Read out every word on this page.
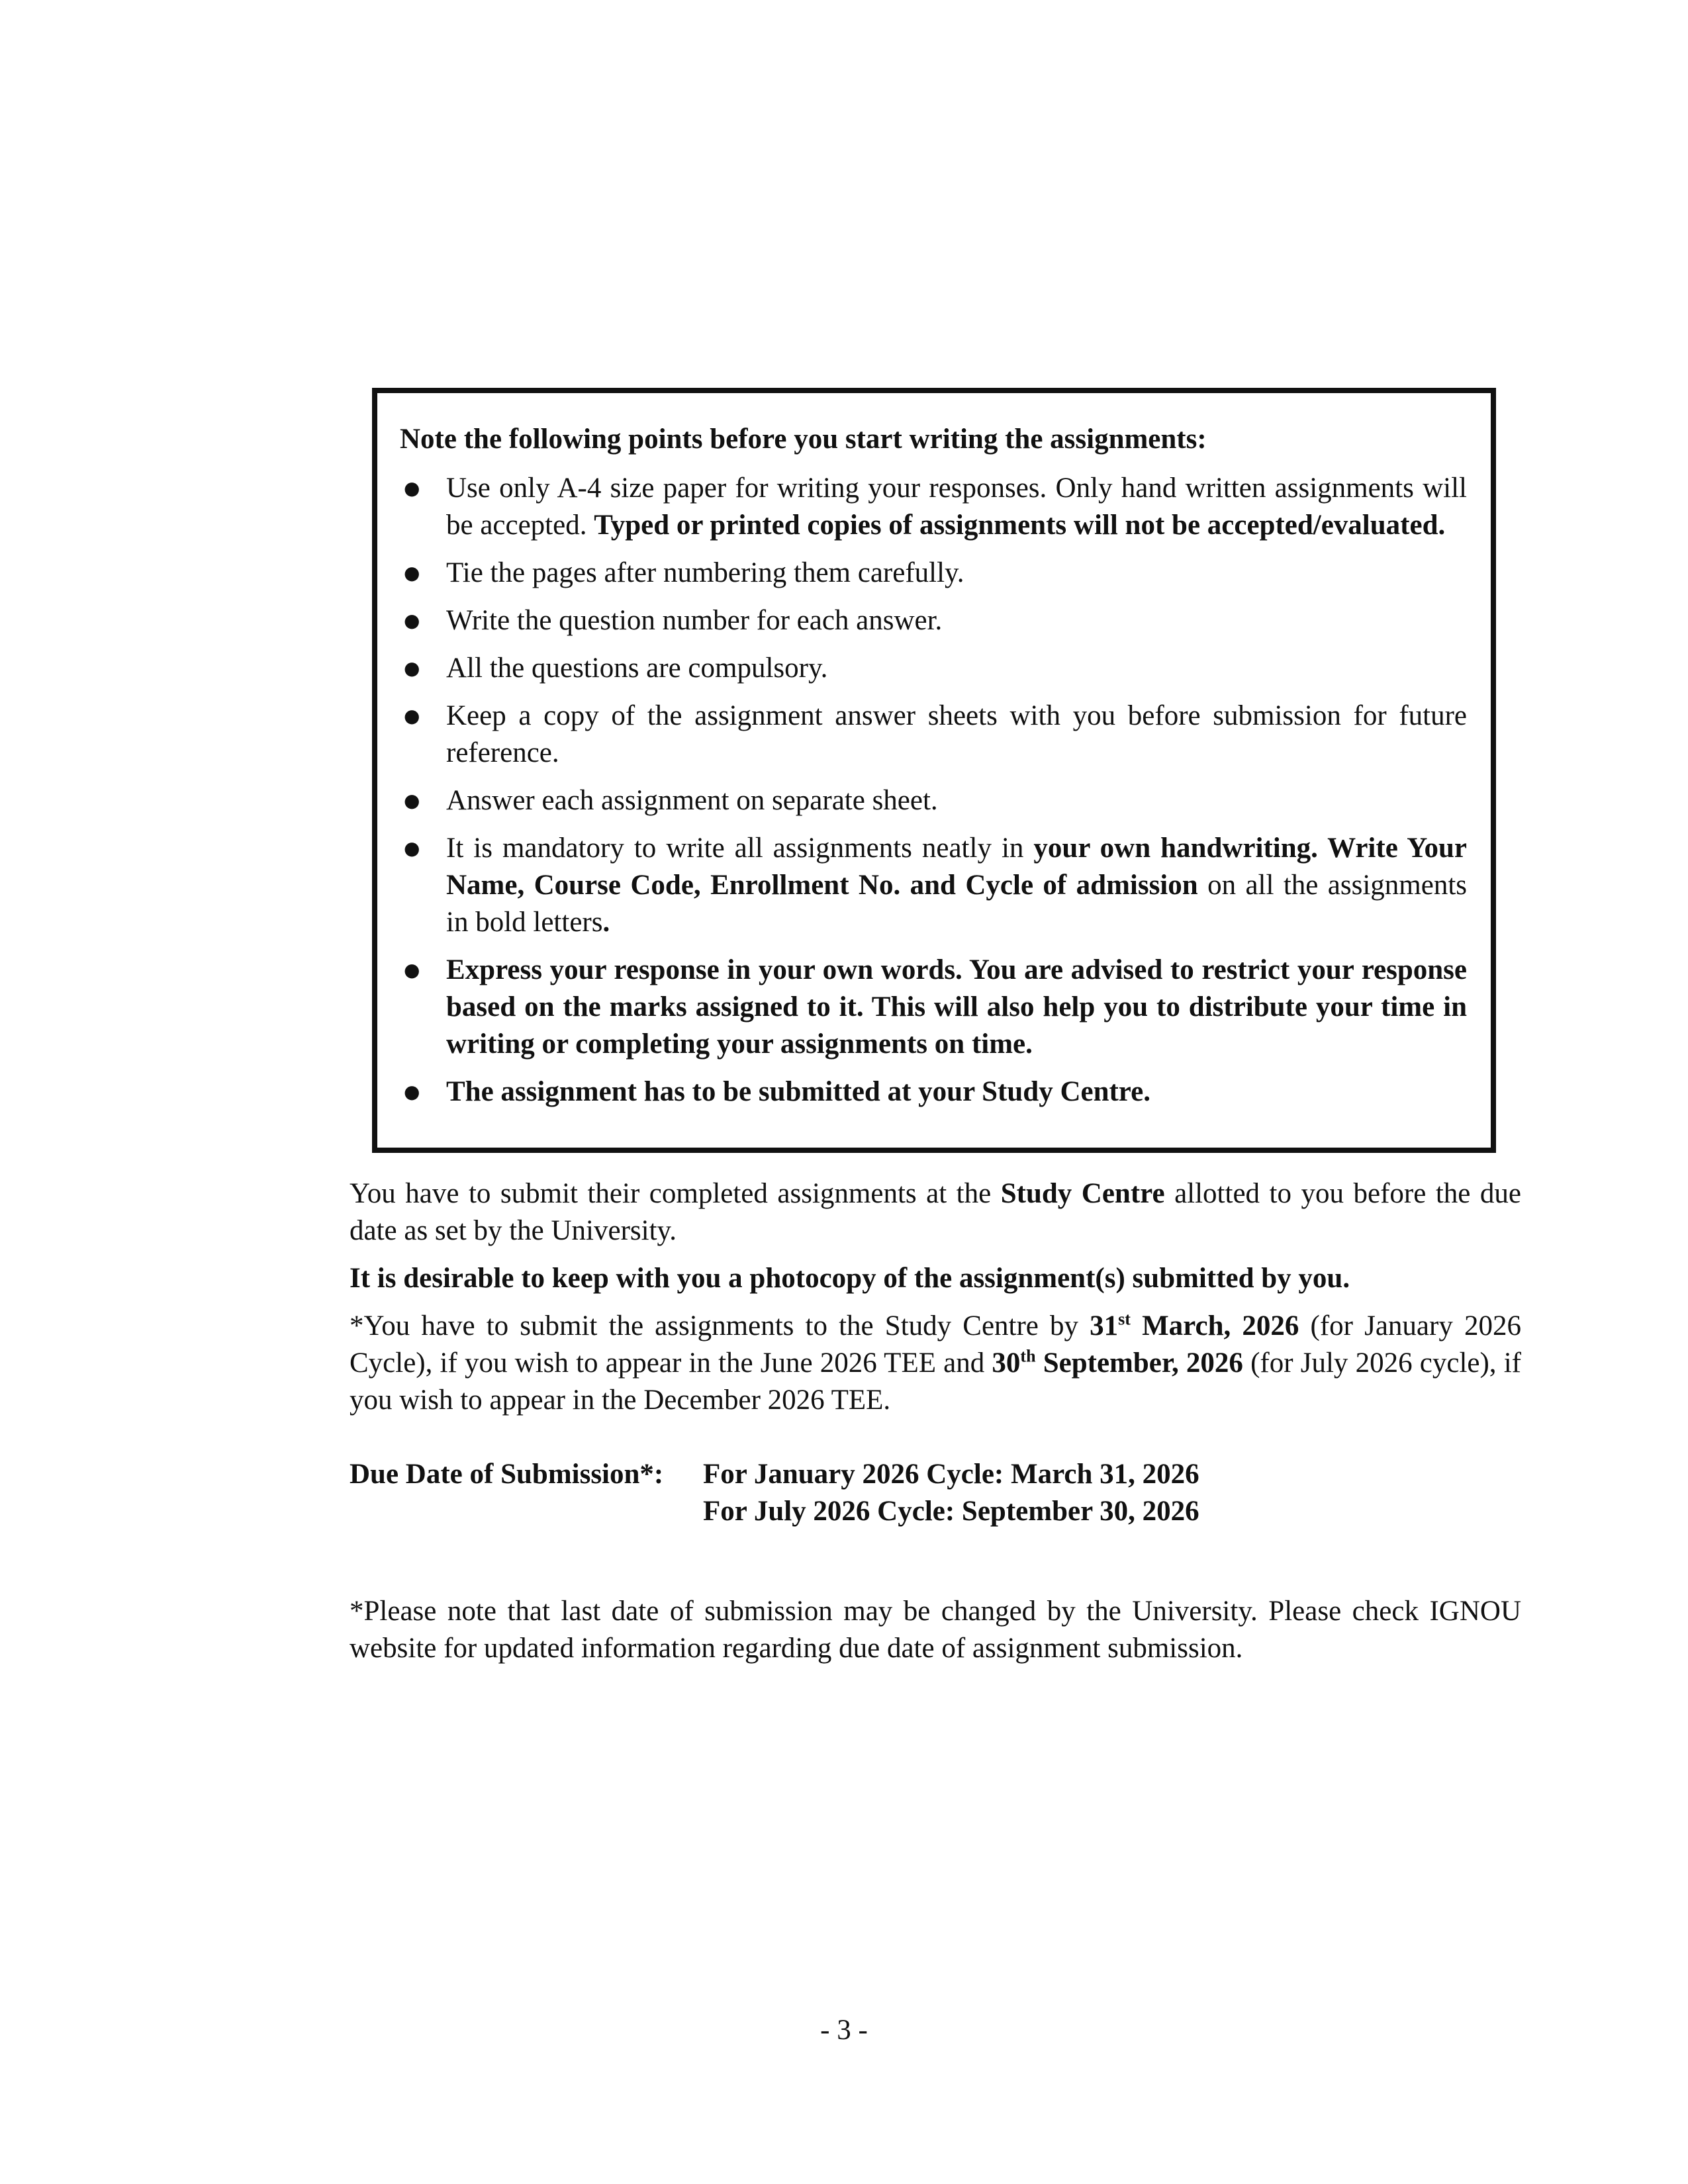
Note the following points before you start writing the assignments:

● Use only A-4 size paper for writing your responses. Only hand written assignments will be accepted. Typed or printed copies of assignments will not be accepted/evaluated.
● Tie the pages after numbering them carefully.
● Write the question number for each answer.
● All the questions are compulsory.
● Keep a copy of the assignment answer sheets with you before submission for future reference.
● Answer each assignment on separate sheet.
● It is mandatory to write all assignments neatly in your own handwriting. Write Your Name, Course Code, Enrollment No. and Cycle of admission on all the assignments in bold letters.
● Express your response in your own words. You are advised to restrict your response based on the marks assigned to it. This will also help you to distribute your time in writing or completing your assignments on time.
● The assignment has to be submitted at your Study Centre.

You have to submit their completed assignments at the Study Centre allotted to you before the due date as set by the University.

It is desirable to keep with you a photocopy of the assignment(s) submitted by you.

*You have to submit the assignments to the Study Centre by 31st March, 2026 (for January 2026 Cycle), if you wish to appear in the June 2026 TEE and 30th September, 2026 (for July 2026 cycle), if you wish to appear in the December 2026 TEE.

Due Date of Submission*:	For January 2026 Cycle: March 31, 2026
For July 2026 Cycle: September 30, 2026

*Please note that last date of submission may be changed by the University. Please check IGNOU website for updated information regarding due date of assignment submission.

- 3 -
